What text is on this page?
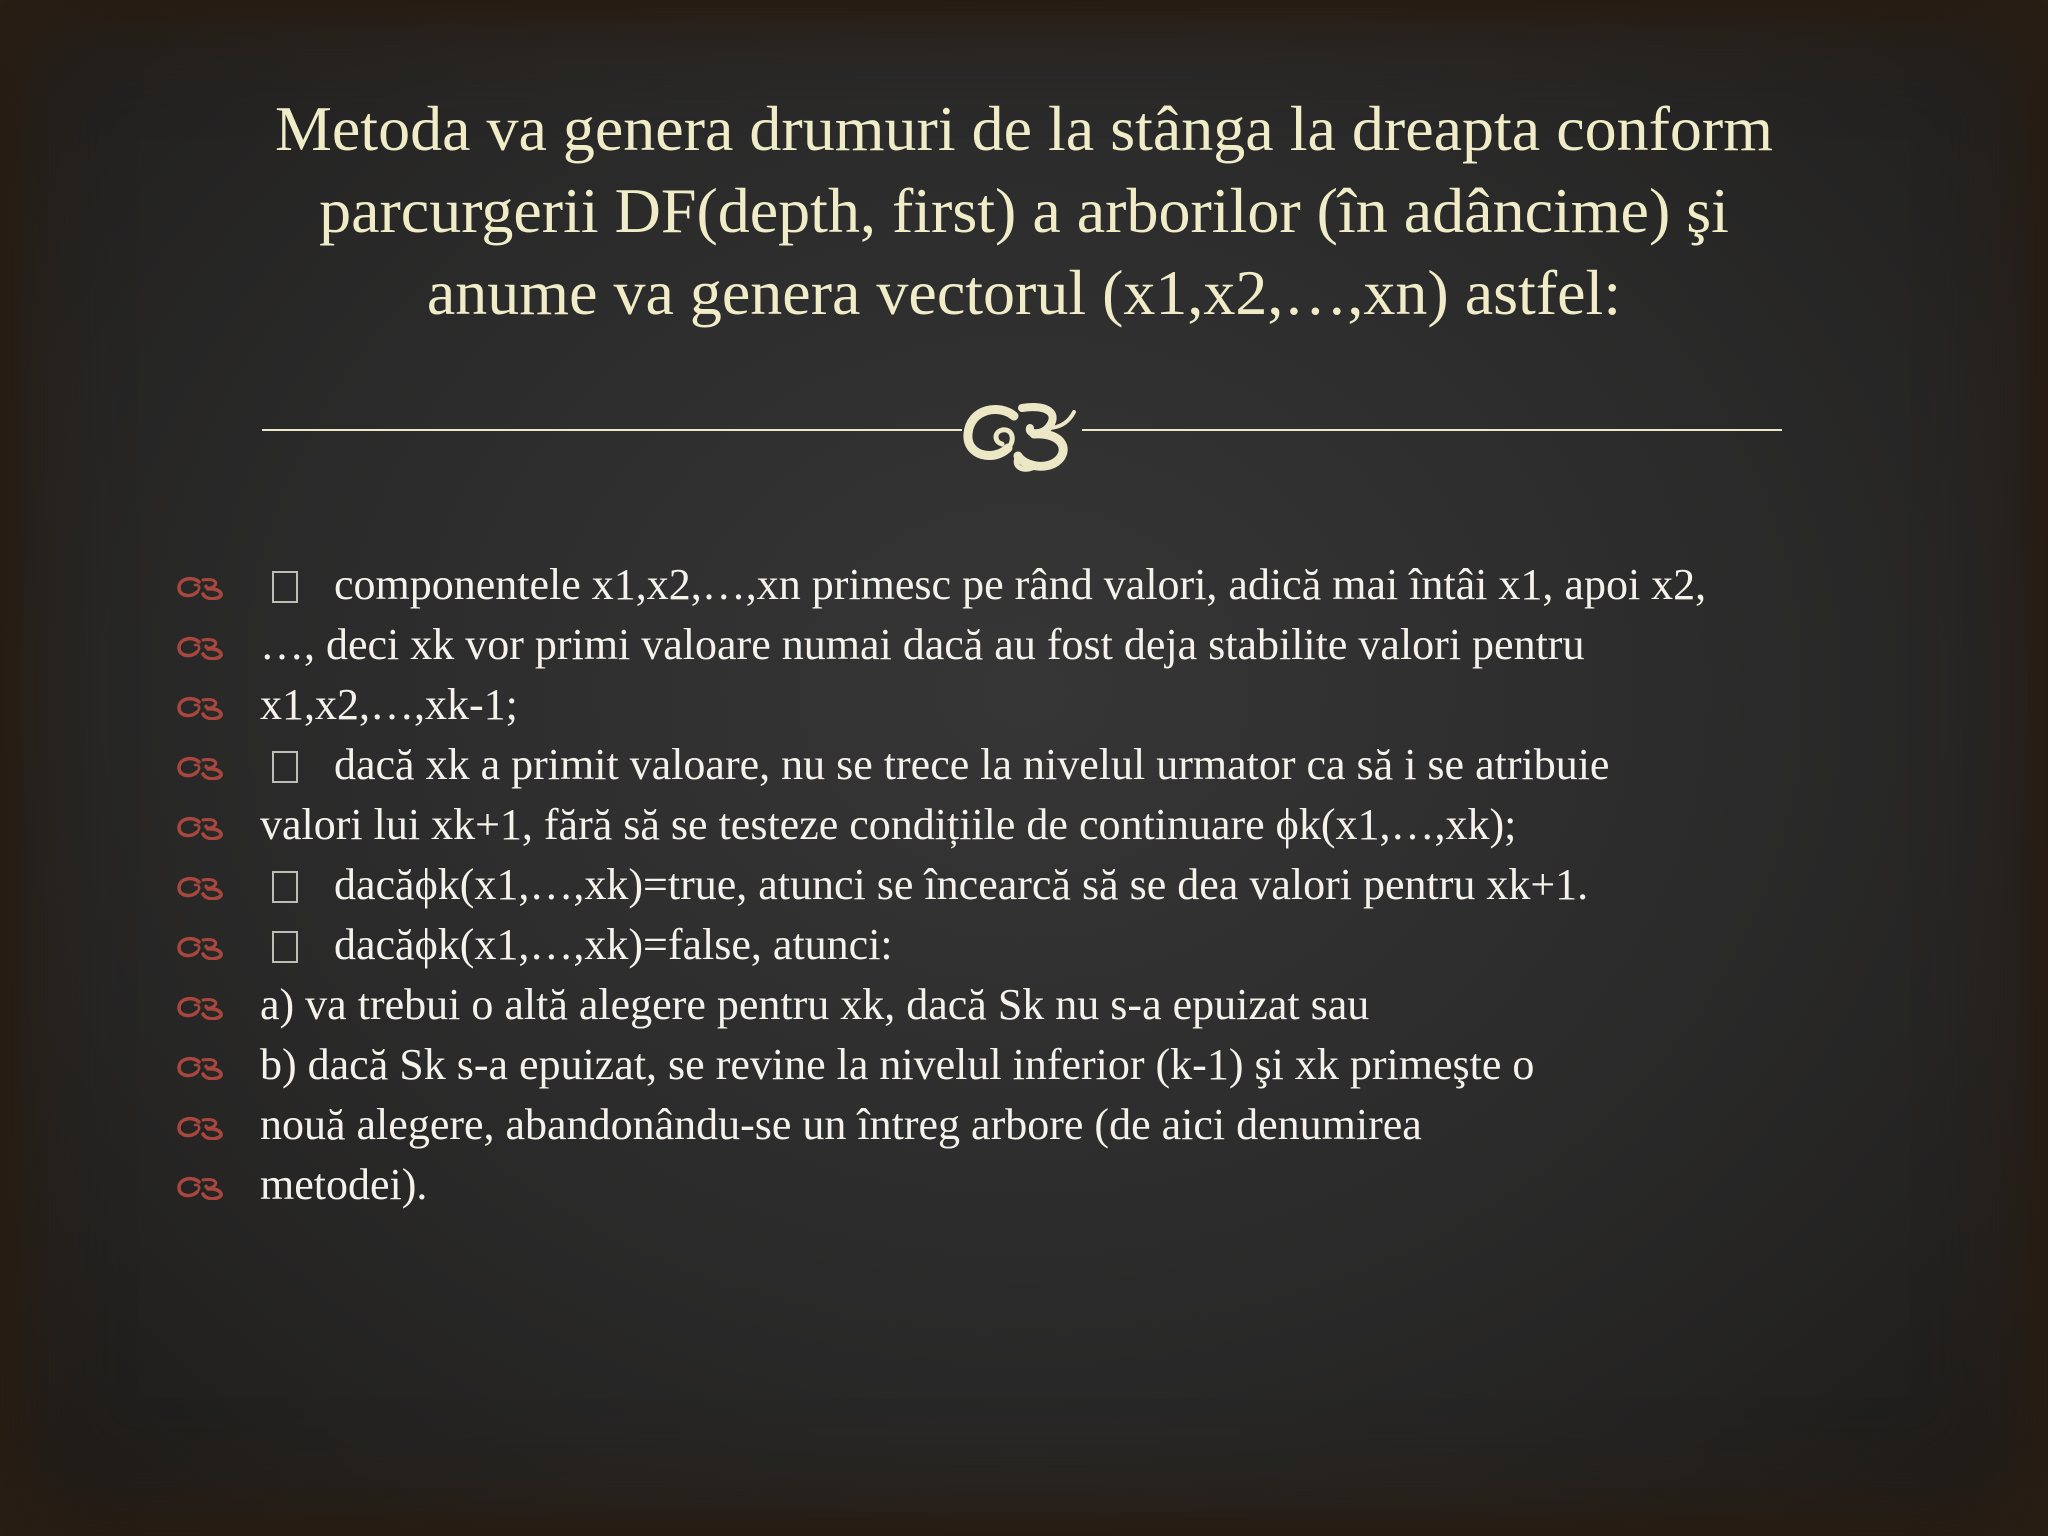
Metoda va genera drumuri de la stânga la dreapta conform
parcurgerii DF(depth, first) a arborilor (în adâncime) şi
anume va genera vectorul (x1,x2,…,xn) astfel:
componentele x1,x2,…,xn primesc pe rând valori, adică mai întâi x1, apoi x2,
…, deci xk vor primi valoare numai dacă au fost deja stabilite valori pentru
x1,x2,…,xk-1;
dacă xk a primit valoare, nu se trece la nivelul urmator ca să i se atribuie
valori lui xk+1, fără să se testeze condițiile de continuare ϕk(x1,…,xk);
dacăϕk(x1,…,xk)=true, atunci se încearcă să se dea valori pentru xk+1.
dacăϕk(x1,…,xk)=false, atunci:
a) va trebui o altă alegere pentru xk, dacă Sk nu s-a epuizat sau
b) dacă Sk s-a epuizat, se revine la nivelul inferior (k-1) şi xk primeşte o
nouă alegere, abandonându-se un întreg arbore (de aici denumirea
metodei).
